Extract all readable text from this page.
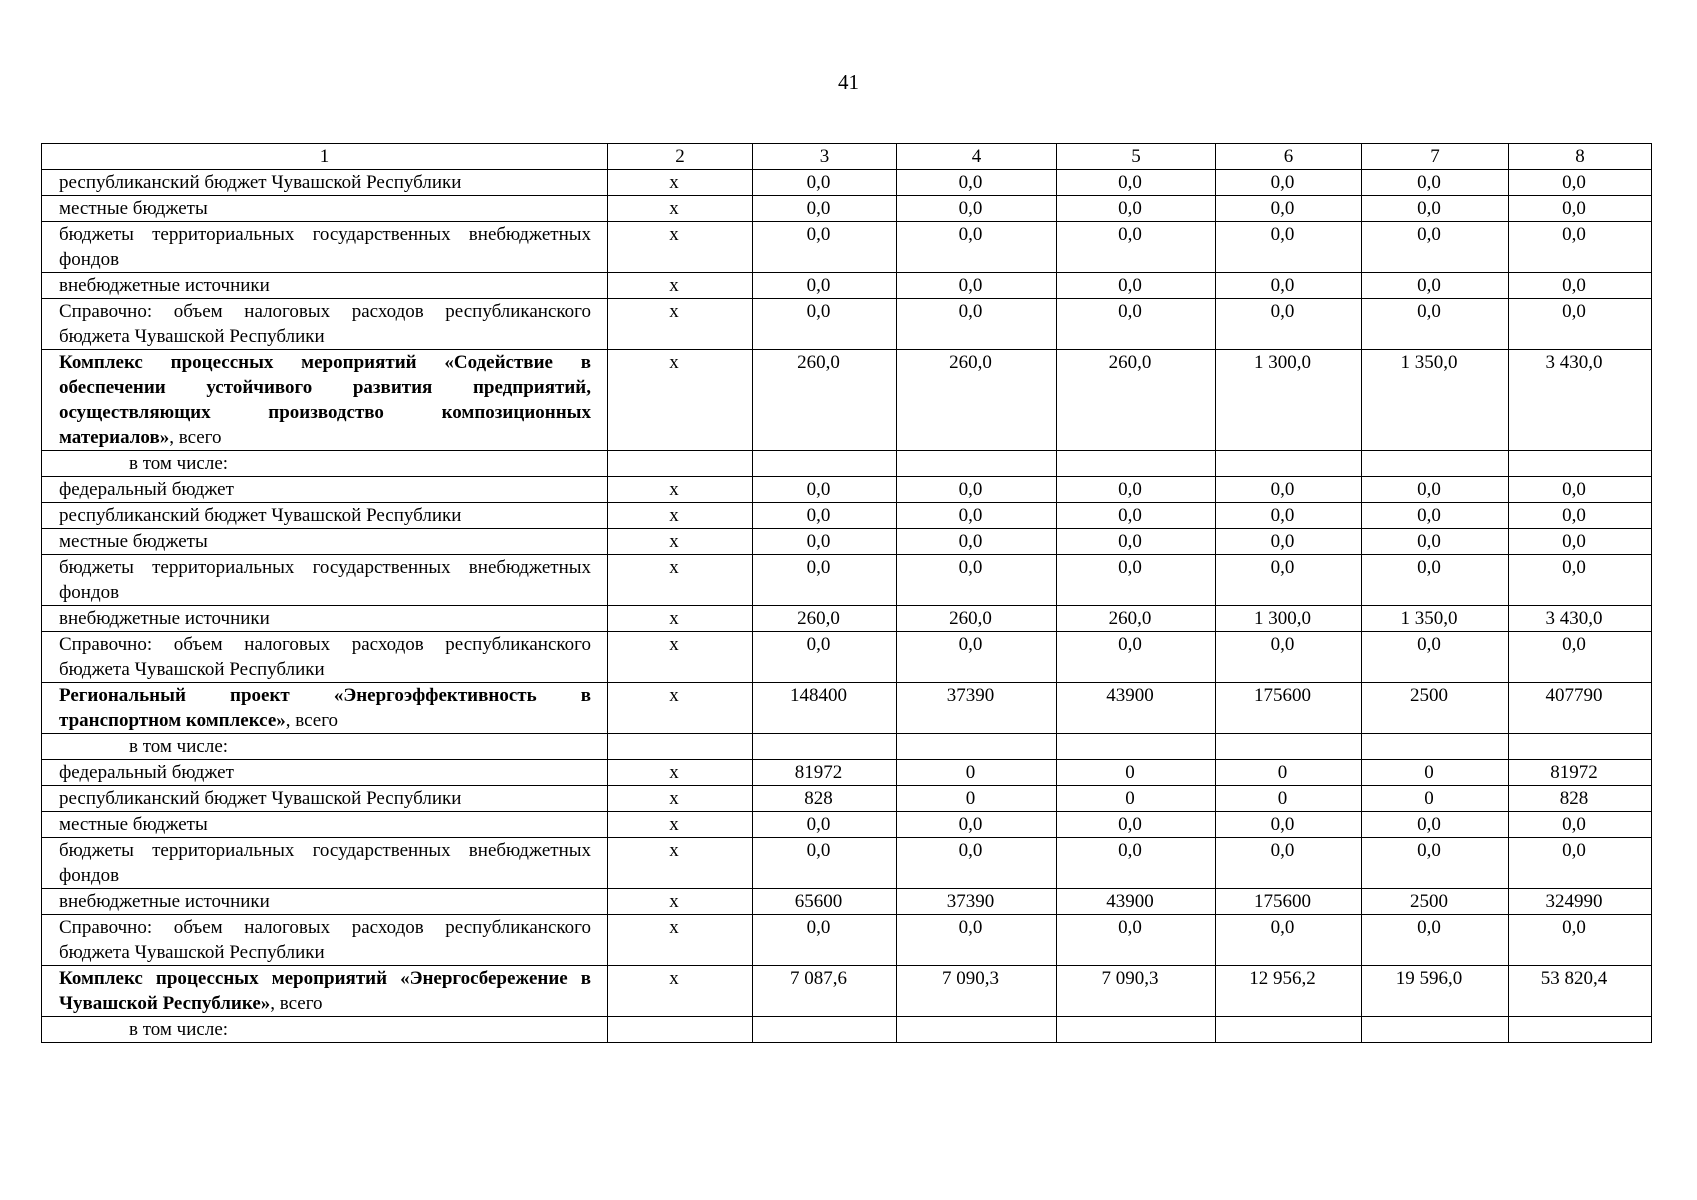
41
1	2	3	4	5	6	7	8
республиканский бюджет Чувашской Республики	x	0,0	0,0	0,0	0,0	0,0	0,0
местные бюджеты	x	0,0	0,0	0,0	0,0	0,0	0,0
бюджеты территориальных государственных внебюджетных фондов	x	0,0	0,0	0,0	0,0	0,0	0,0
внебюджетные источники	x	0,0	0,0	0,0	0,0	0,0	0,0
Справочно: объем налоговых расходов республиканского бюджета Чувашской Республики	x	0,0	0,0	0,0	0,0	0,0	0,0
Комплекс процессных мероприятий «Содействие в обеспечении устойчивого развития предприятий, осуществляющих производство композиционных материалов», всего	x	260,0	260,0	260,0	1 300,0	1 350,0	3 430,0
в том числе:							
федеральный бюджет	x	0,0	0,0	0,0	0,0	0,0	0,0
республиканский бюджет Чувашской Республики	x	0,0	0,0	0,0	0,0	0,0	0,0
местные бюджеты	x	0,0	0,0	0,0	0,0	0,0	0,0
бюджеты территориальных государственных внебюджетных фондов	x	0,0	0,0	0,0	0,0	0,0	0,0
внебюджетные источники	x	260,0	260,0	260,0	1 300,0	1 350,0	3 430,0
Справочно: объем налоговых расходов республиканского бюджета Чувашской Республики	x	0,0	0,0	0,0	0,0	0,0	0,0
Региональный проект «Энергоэффективность в транспортном комплексе», всего	x	148400	37390	43900	175600	2500	407790
в том числе:							
федеральный бюджет	x	81972	0	0	0	0	81972
республиканский бюджет Чувашской Республики	x	828	0	0	0	0	828
местные бюджеты	x	0,0	0,0	0,0	0,0	0,0	0,0
бюджеты территориальных государственных внебюджетных фондов	x	0,0	0,0	0,0	0,0	0,0	0,0
внебюджетные источники	x	65600	37390	43900	175600	2500	324990
Справочно: объем налоговых расходов республиканского бюджета Чувашской Республики	x	0,0	0,0	0,0	0,0	0,0	0,0
Комплекс процессных мероприятий «Энергосбережение в Чувашской Республике», всего	x	7 087,6	7 090,3	7 090,3	12 956,2	19 596,0	53 820,4
в том числе:							
